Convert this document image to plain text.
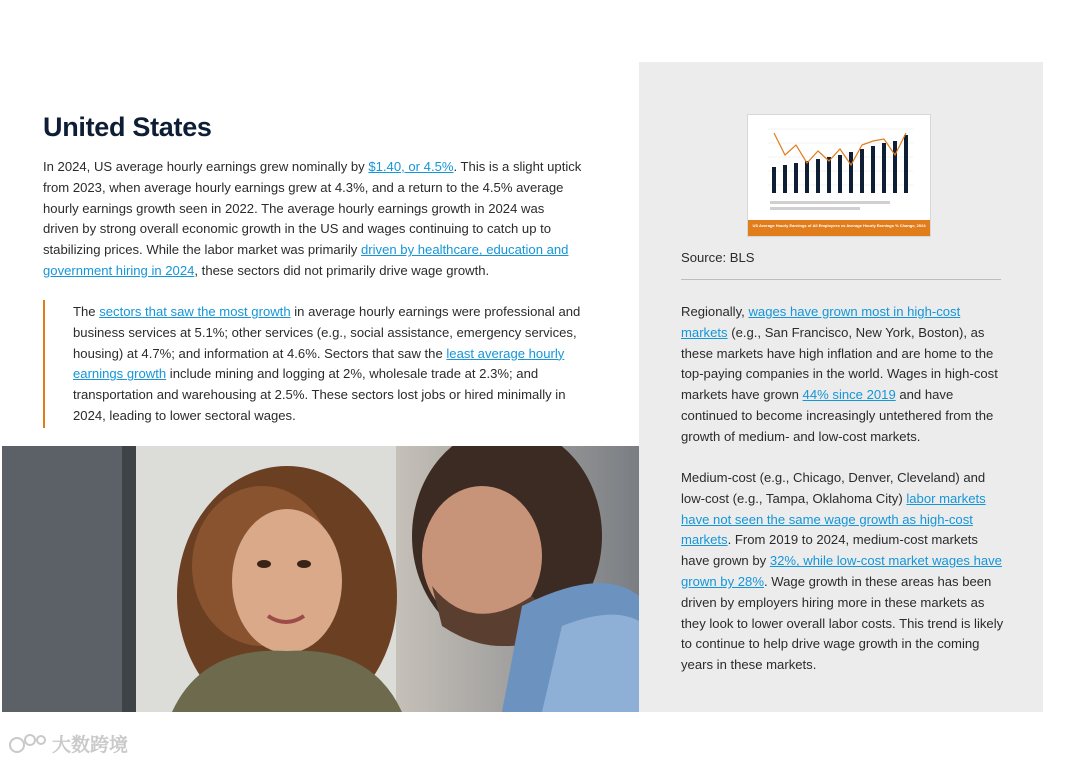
United States

In 2024, US average hourly earnings grew nominally by $1.40, or 4.5%. This is a slight uptick from 2023, when average hourly earnings grew at 4.3%, and a return to the 4.5% average hourly earnings growth seen in 2022. The average hourly earnings growth in 2024 was driven by strong overall economic growth in the US and wages continuing to catch up to stabilizing prices. While the labor market was primarily driven by healthcare, education and government hiring in 2024, these sectors did not primarily drive wage growth.

The sectors that saw the most growth in average hourly earnings were professional and business services at 5.1%; other services (e.g., social assistance, emergency services, housing) at 4.7%; and information at 4.6%. Sectors that saw the least average hourly earnings growth include mining and logging at 2%, wholesale trade at 2.3%; and transportation and warehousing at 2.5%. These sectors lost jobs or hired minimally in 2024, leading to lower sectoral wages.
US Average Hourly Earnings of All Employees vs Average Hourly Earnings % Change, 2024
Source: BLS

Regionally, wages have grown most in high-cost markets (e.g., San Francisco, New York, Boston), as these markets have high inflation and are home to the top-paying companies in the world. Wages in high-cost markets have grown 44% since 2019 and have continued to become increasingly untethered from the growth of medium- and low-cost markets.

Medium-cost (e.g., Chicago, Denver, Cleveland) and low-cost (e.g., Tampa, Oklahoma City) labor markets have not seen the same wage growth as high-cost markets. From 2019 to 2024, medium-cost markets have grown by 32%, while low-cost market wages have grown by 28%. Wage growth in these areas has been driven by employers hiring more in these markets as they look to lower overall labor costs. This trend is likely to continue to help drive wage growth in the coming years in these markets.

大数跨境
